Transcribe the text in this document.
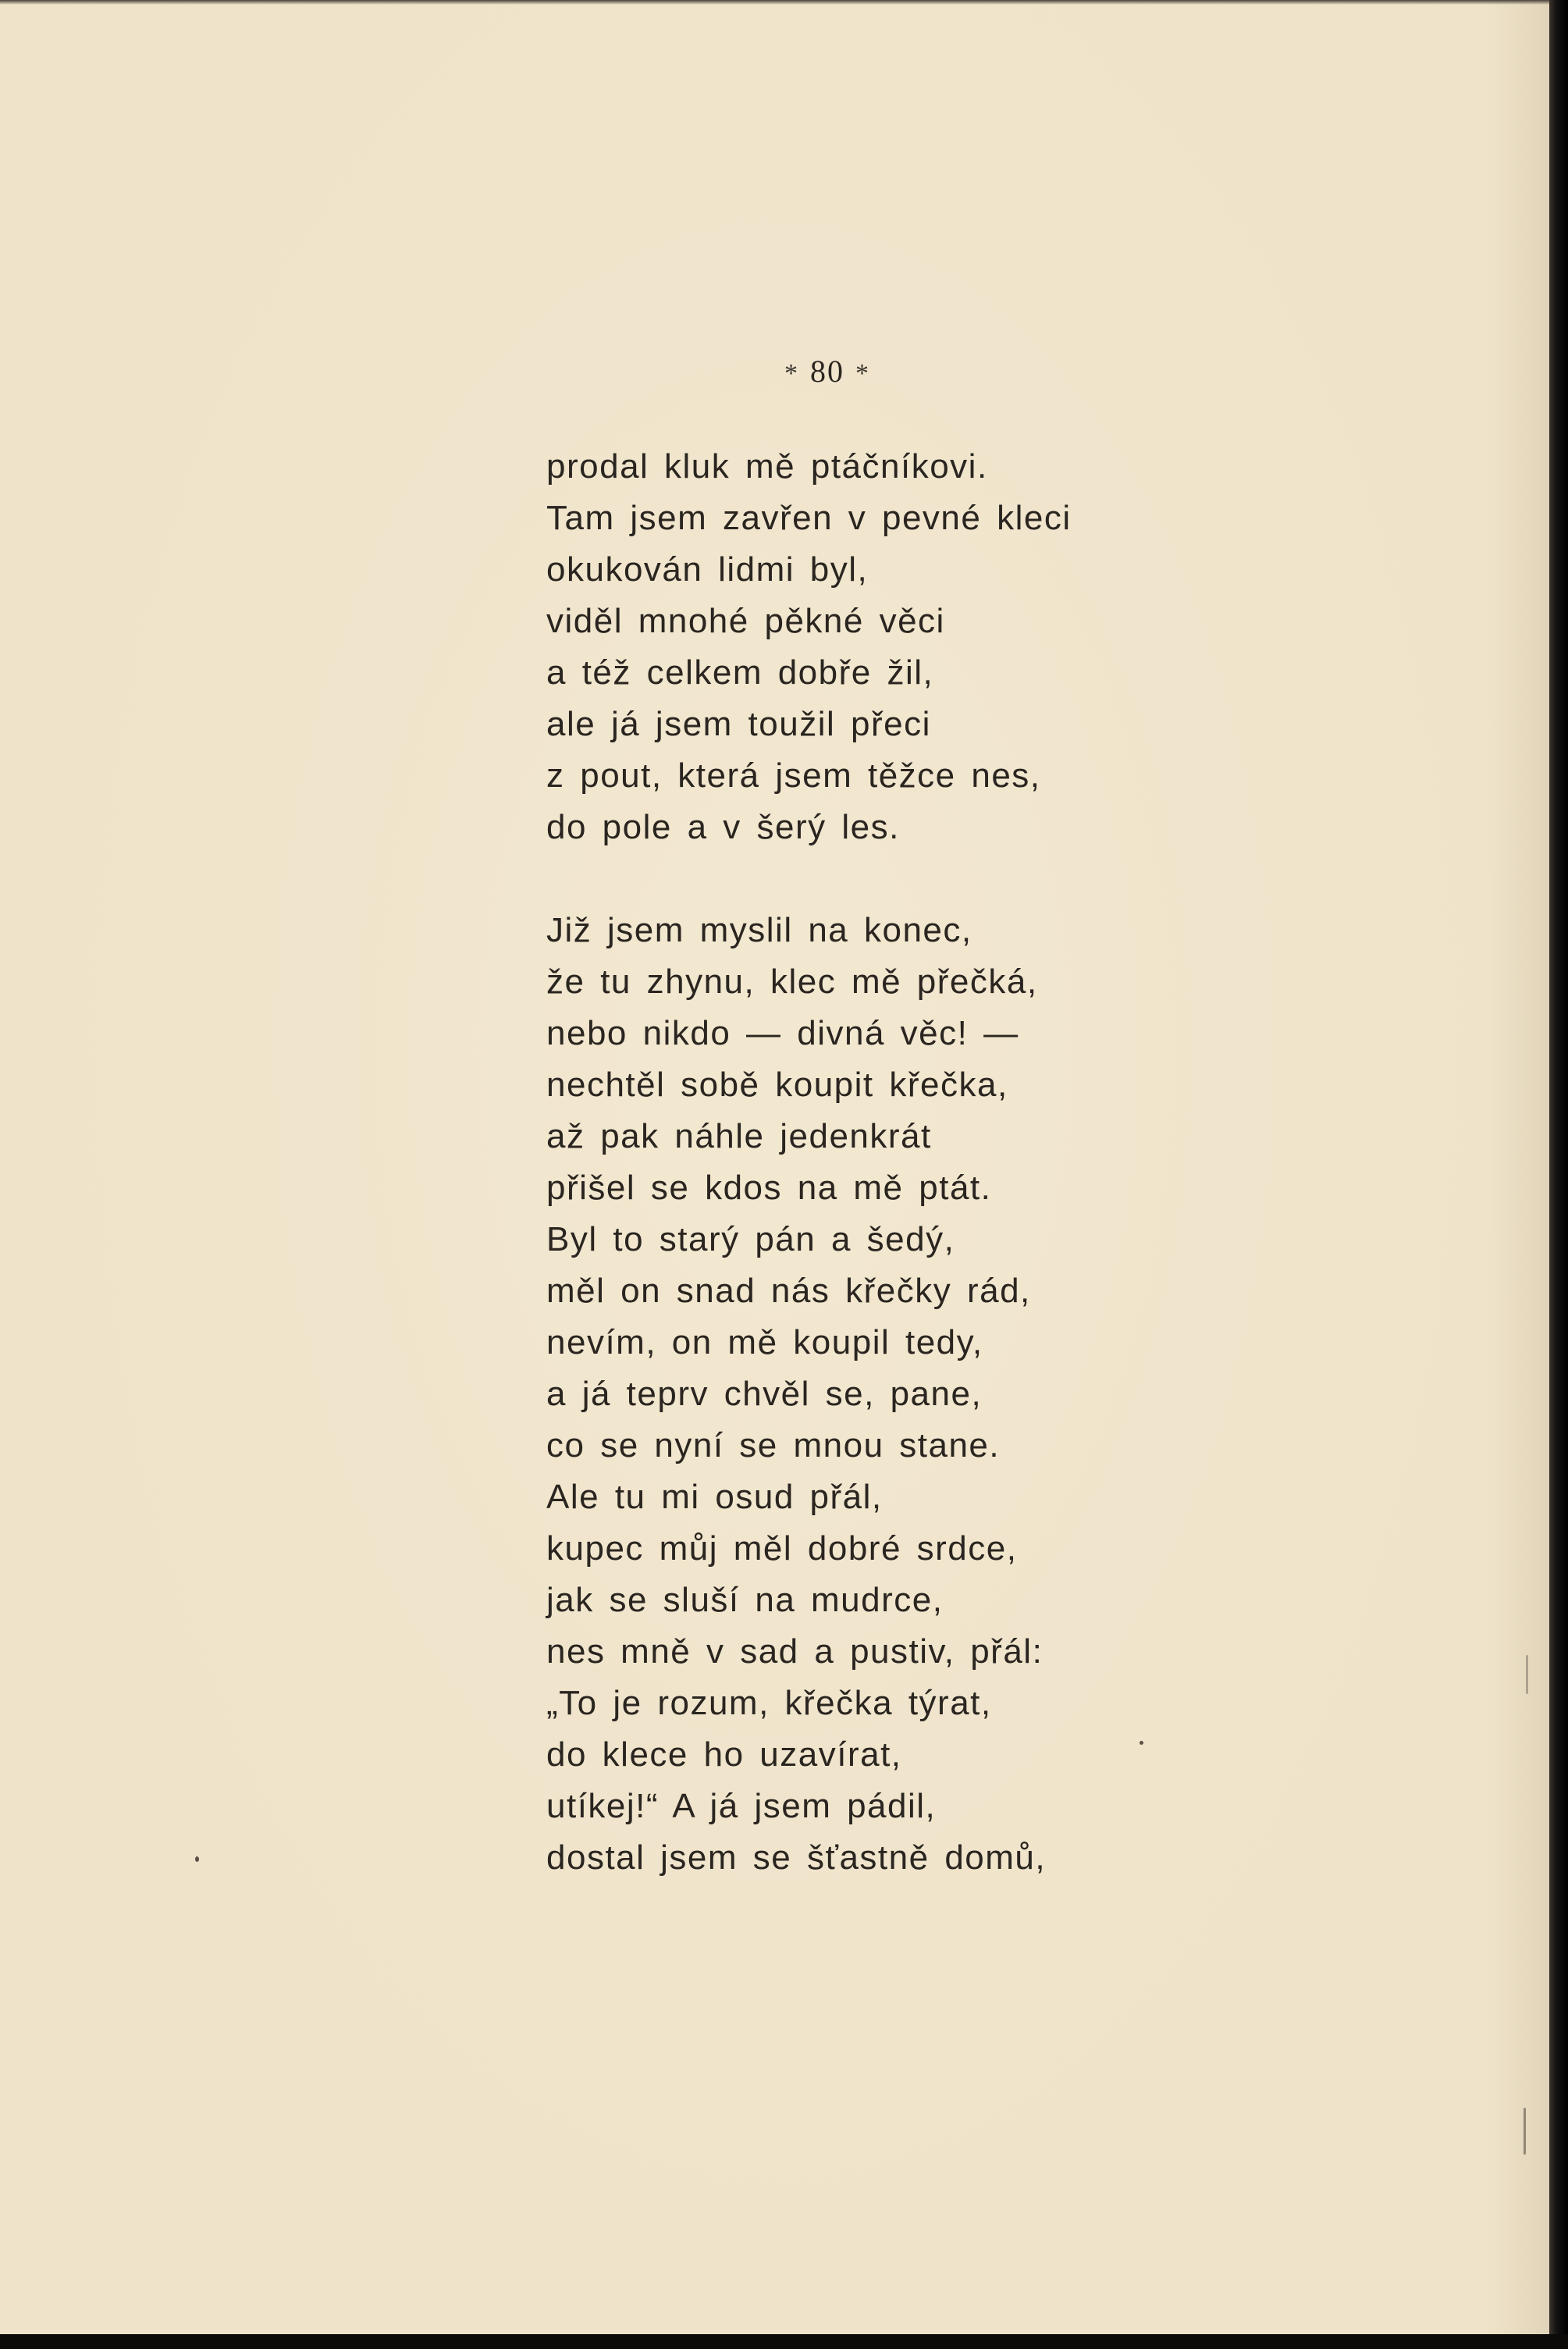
* 80 *
prodal kluk mě ptáčníkovi.
Tam jsem zavřen v pevné kleci
okukován lidmi byl,
viděl mnohé pěkné věci
a též celkem dobře žil,
ale já jsem toužil přeci
z pout, která jsem těžce nes,
do pole a v šerý les.
Již jsem myslil na konec,
že tu zhynu, klec mě přečká,
nebo nikdo — divná věc! —
nechtěl sobě koupit křečka,
až pak náhle jedenkrát
přišel se kdos na mě ptát.
Byl to starý pán a šedý,
měl on snad nás křečky rád,
nevím, on mě koupil tedy,
a já teprv chvěl se, pane,
co se nyní se mnou stane.
Ale tu mi osud přál,
kupec můj měl dobré srdce,
jak se sluší na mudrce,
nes mně v sad a pustiv, přál:
„To je rozum, křečka týrat,
do klece ho uzavírat,
utíkej!“ A já jsem pádil,
dostal jsem se šťastně domů,
